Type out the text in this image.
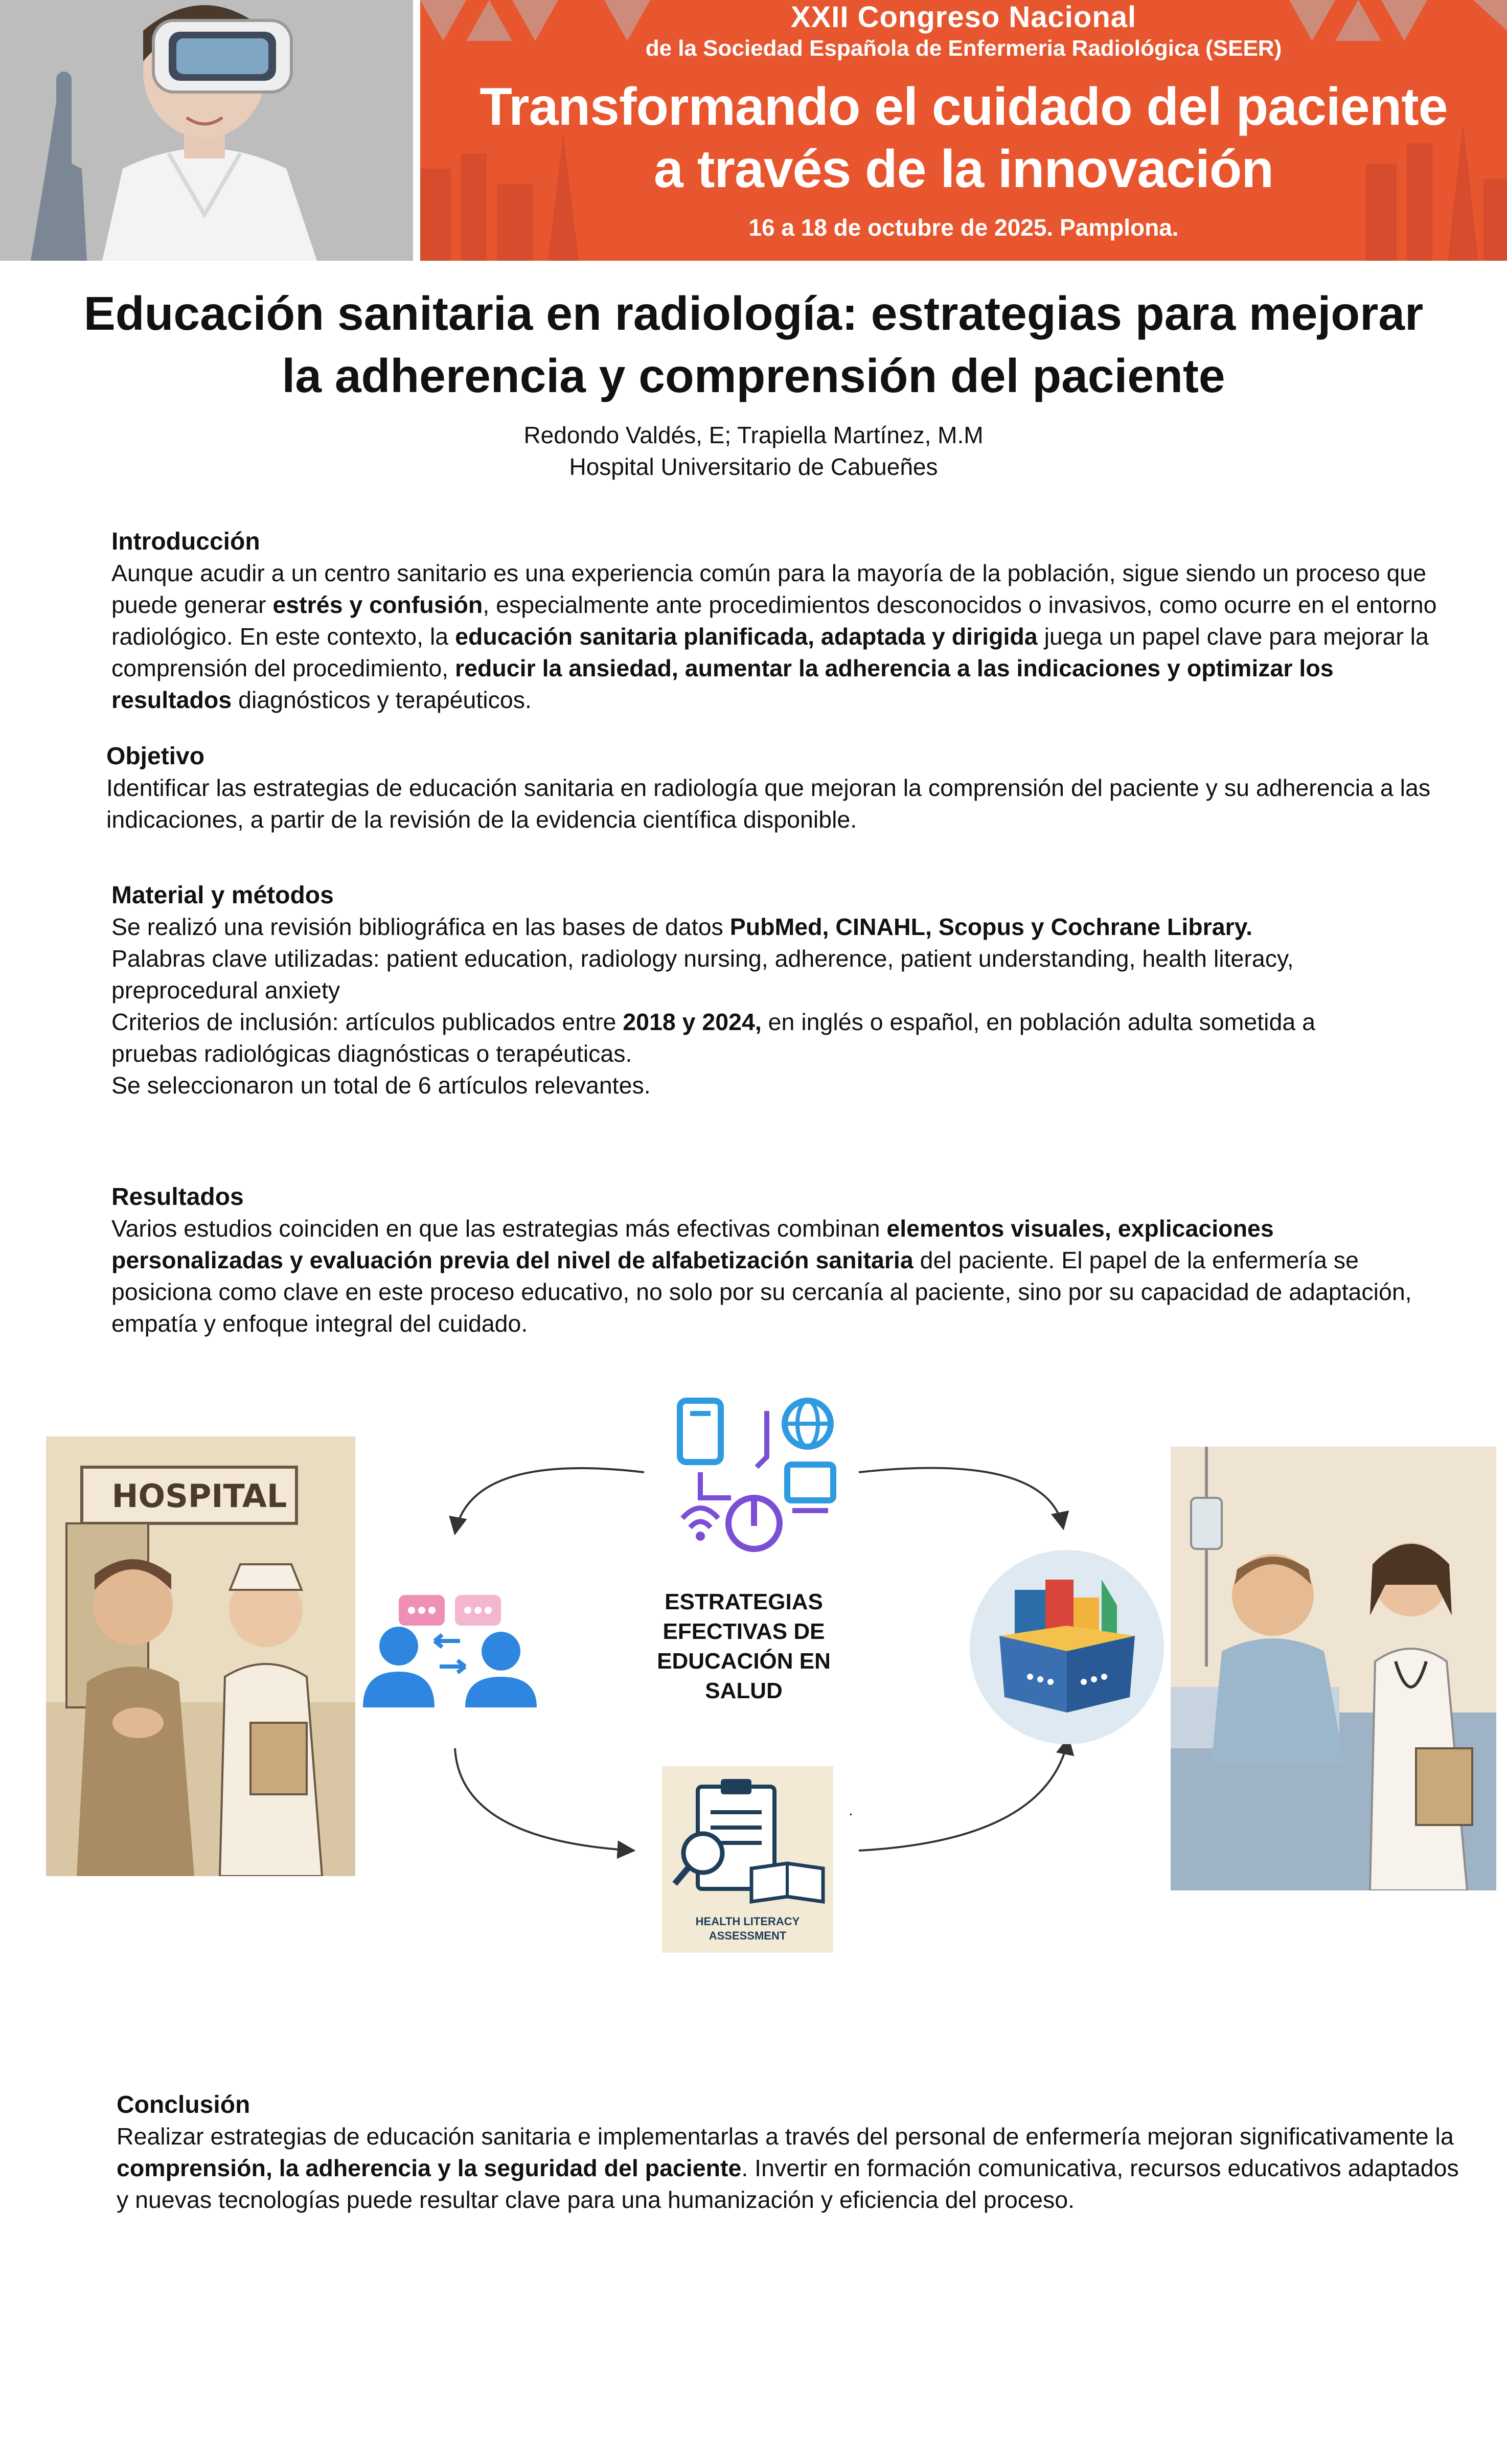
XXII Congreso Nacional
de la Sociedad Española de Enfermeria Radiológica (SEER)
Transformando el cuidado del paciente
a través de la innovación
16 a 18 de octubre de 2025. Pamplona.
Educación sanitaria en radiología: estrategias para mejorar
la adherencia y comprensión del paciente
Redondo Valdés, E; Trapiella Martínez, M.M
Hospital Universitario de Cabueñes
Introducción

Aunque acudir a un centro sanitario es una experiencia común para la mayoría de la población, sigue siendo un proceso que puede generar estrés y confusión, especialmente ante procedimientos desconocidos o invasivos, como ocurre en el entorno radiológico. En este contexto, la educación sanitaria planificada, adaptada y dirigida juega un papel clave para mejorar la comprensión del procedimiento, reducir la ansiedad, aumentar la adherencia a las indicaciones y optimizar los resultados diagnósticos y terapéuticos.

Objetivo

Identificar las estrategias de educación sanitaria en radiología que mejoran la comprensión del paciente y su adherencia a las indicaciones, a partir de la revisión de la evidencia científica disponible.

Material y métodos

Se realizó una revisión bibliográfica en las bases de datos PubMed, CINAHL, Scopus y Cochrane Library.

Palabras clave utilizadas: patient education, radiology nursing, adherence, patient understanding, health literacy, preprocedural anxiety

Criterios de inclusión: artículos publicados entre 2018 y 2024, en inglés o español, en población adulta sometida a pruebas radiológicas diagnósticas o terapéuticas.

Se seleccionaron un total de 6 artículos relevantes.

Resultados

Varios estudios coinciden en que las estrategias más efectivas combinan elementos visuales, explicaciones personalizadas y evaluación previa del nivel de alfabetización sanitaria del paciente. El papel de la enfermería se posiciona como clave en este proceso educativo, no solo por su cercanía al paciente, sino por su capacidad de adaptación, empatía y enfoque integral del cuidado.

HOSPITAL
ESTRATEGIAS EFECTIVAS DE EDUCACIÓN EN SALUD
HEALTH LITERACY ASSESSMENT
.
Conclusión

Realizar estrategias de educación sanitaria e implementarlas a través del personal de enfermería mejoran significativamente la comprensión, la adherencia y la seguridad del paciente. Invertir en formación comunicativa, recursos educativos adaptados y nuevas tecnologías puede resultar clave para una humanización y eficiencia del proceso.
